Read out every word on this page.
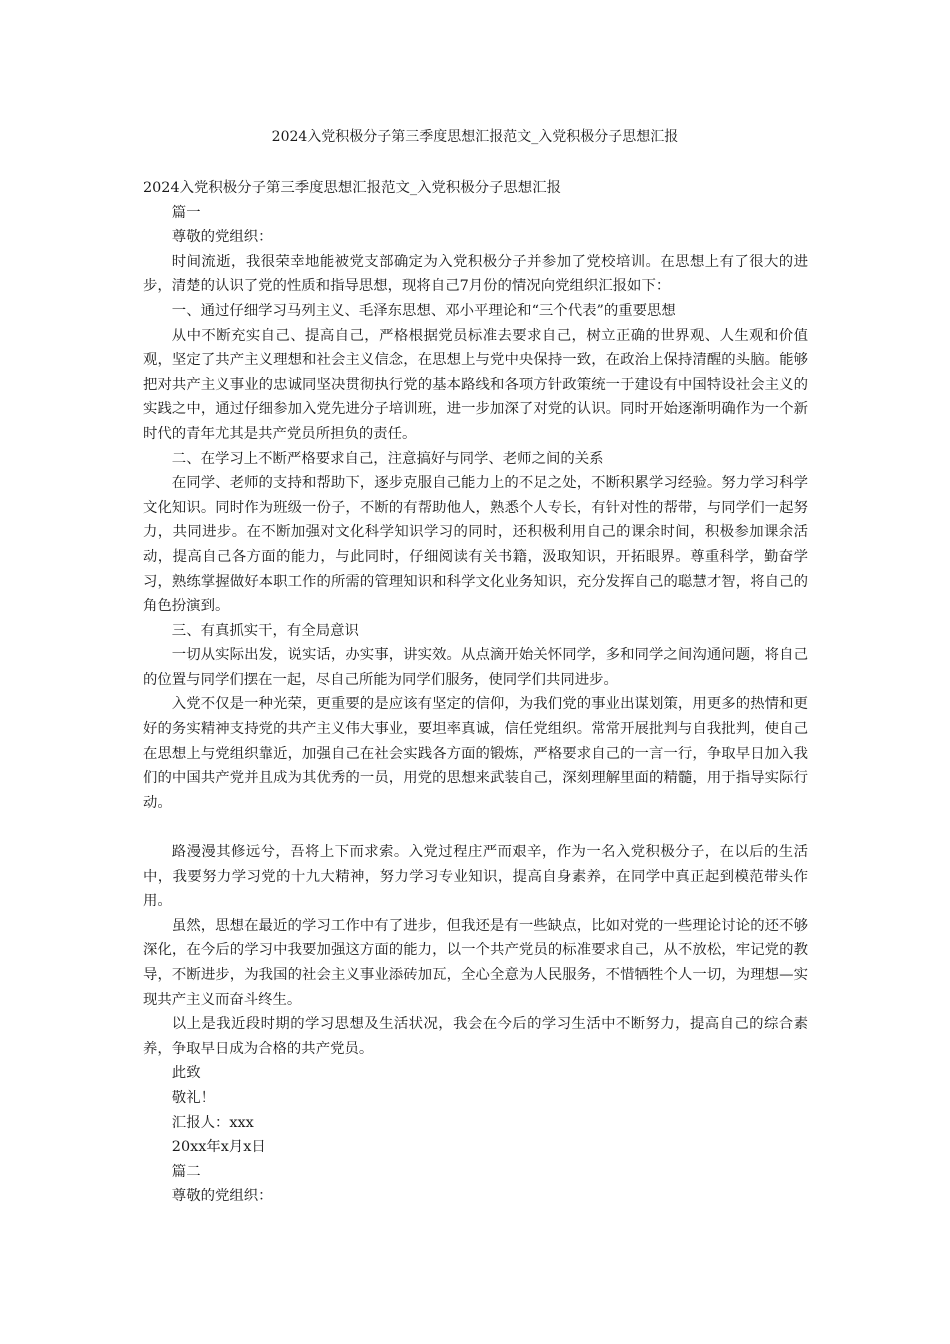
2024入党积极分子第三季度思想汇报范文_入党积极分子思想汇报

2024入党积极分子第三季度思想汇报范文_入党积极分子思想汇报

篇一

尊敬的党组织：

时间流逝，我很荣幸地能被党支部确定为入党积极分子并参加了党校培训。在思想上有了很大的进步，清楚的认识了党的性质和指导思想，现将自己7月份的情况向党组织汇报如下：

一、通过仔细学习马列主义、毛泽东思想、邓小平理论和“三个代表”的重要思想

从中不断充实自己、提高自己，严格根据党员标准去要求自己，树立正确的世界观、人生观和价值观，坚定了共产主义理想和社会主义信念，在思想上与党中央保持一致，在政治上保持清醒的头脑。能够把对共产主义事业的忠诚同坚决贯彻执行党的基本路线和各项方针政策统一于建设有中国特设社会主义的实践之中，通过仔细参加入党先进分子培训班，进一步加深了对党的认识。同时开始逐渐明确作为一个新时代的青年尤其是共产党员所担负的责任。

二、在学习上不断严格要求自己，注意搞好与同学、老师之间的关系

在同学、老师的支持和帮助下，逐步克服自己能力上的不足之处，不断积累学习经验。努力学习科学文化知识。同时作为班级一份子，不断的有帮助他人，熟悉个人专长，有针对性的帮带，与同学们一起努力，共同进步。在不断加强对文化科学知识学习的同时，还积极利用自己的课余时间，积极参加课余活动，提高自己各方面的能力，与此同时，仔细阅读有关书籍，汲取知识，开拓眼界。尊重科学，勤奋学习，熟练掌握做好本职工作的所需的管理知识和科学文化业务知识，充分发挥自己的聪慧才智，将自己的角色扮演到。

三、有真抓实干，有全局意识

一切从实际出发，说实话，办实事，讲实效。从点滴开始关怀同学，多和同学之间沟通问题，将自己的位置与同学们摆在一起，尽自己所能为同学们服务，使同学们共同进步。

入党不仅是一种光荣，更重要的是应该有坚定的信仰，为我们党的事业出谋划策，用更多的热情和更好的务实精神支持党的共产主义伟大事业，要坦率真诚，信任党组织。常常开展批判与自我批判，使自己在思想上与党组织靠近，加强自己在社会实践各方面的锻炼，严格要求自己的一言一行，争取早日加入我们的中国共产党并且成为其优秀的一员，用党的思想来武装自己，深刻理解里面的精髓，用于指导实际行动。

路漫漫其修远兮，吾将上下而求索。入党过程庄严而艰辛，作为一名入党积极分子，在以后的生活中，我要努力学习党的十九大精神，努力学习专业知识，提高自身素养，在同学中真正起到模范带头作用。

虽然，思想在最近的学习工作中有了进步，但我还是有一些缺点，比如对党的一些理论讨论的还不够深化，在今后的学习中我要加强这方面的能力，以一个共产党员的标准要求自己，从不放松，牢记党的教导，不断进步，为我国的社会主义事业添砖加瓦，全心全意为人民服务，不惜牺牲个人一切，为理想—实现共产主义而奋斗终生。

以上是我近段时期的学习思想及生活状况，我会在今后的学习生活中不断努力，提高自己的综合素养，争取早日成为合格的共产党员。

此致

敬礼！

汇报人：xxx

20xx年x月x日

篇二

尊敬的党组织：
